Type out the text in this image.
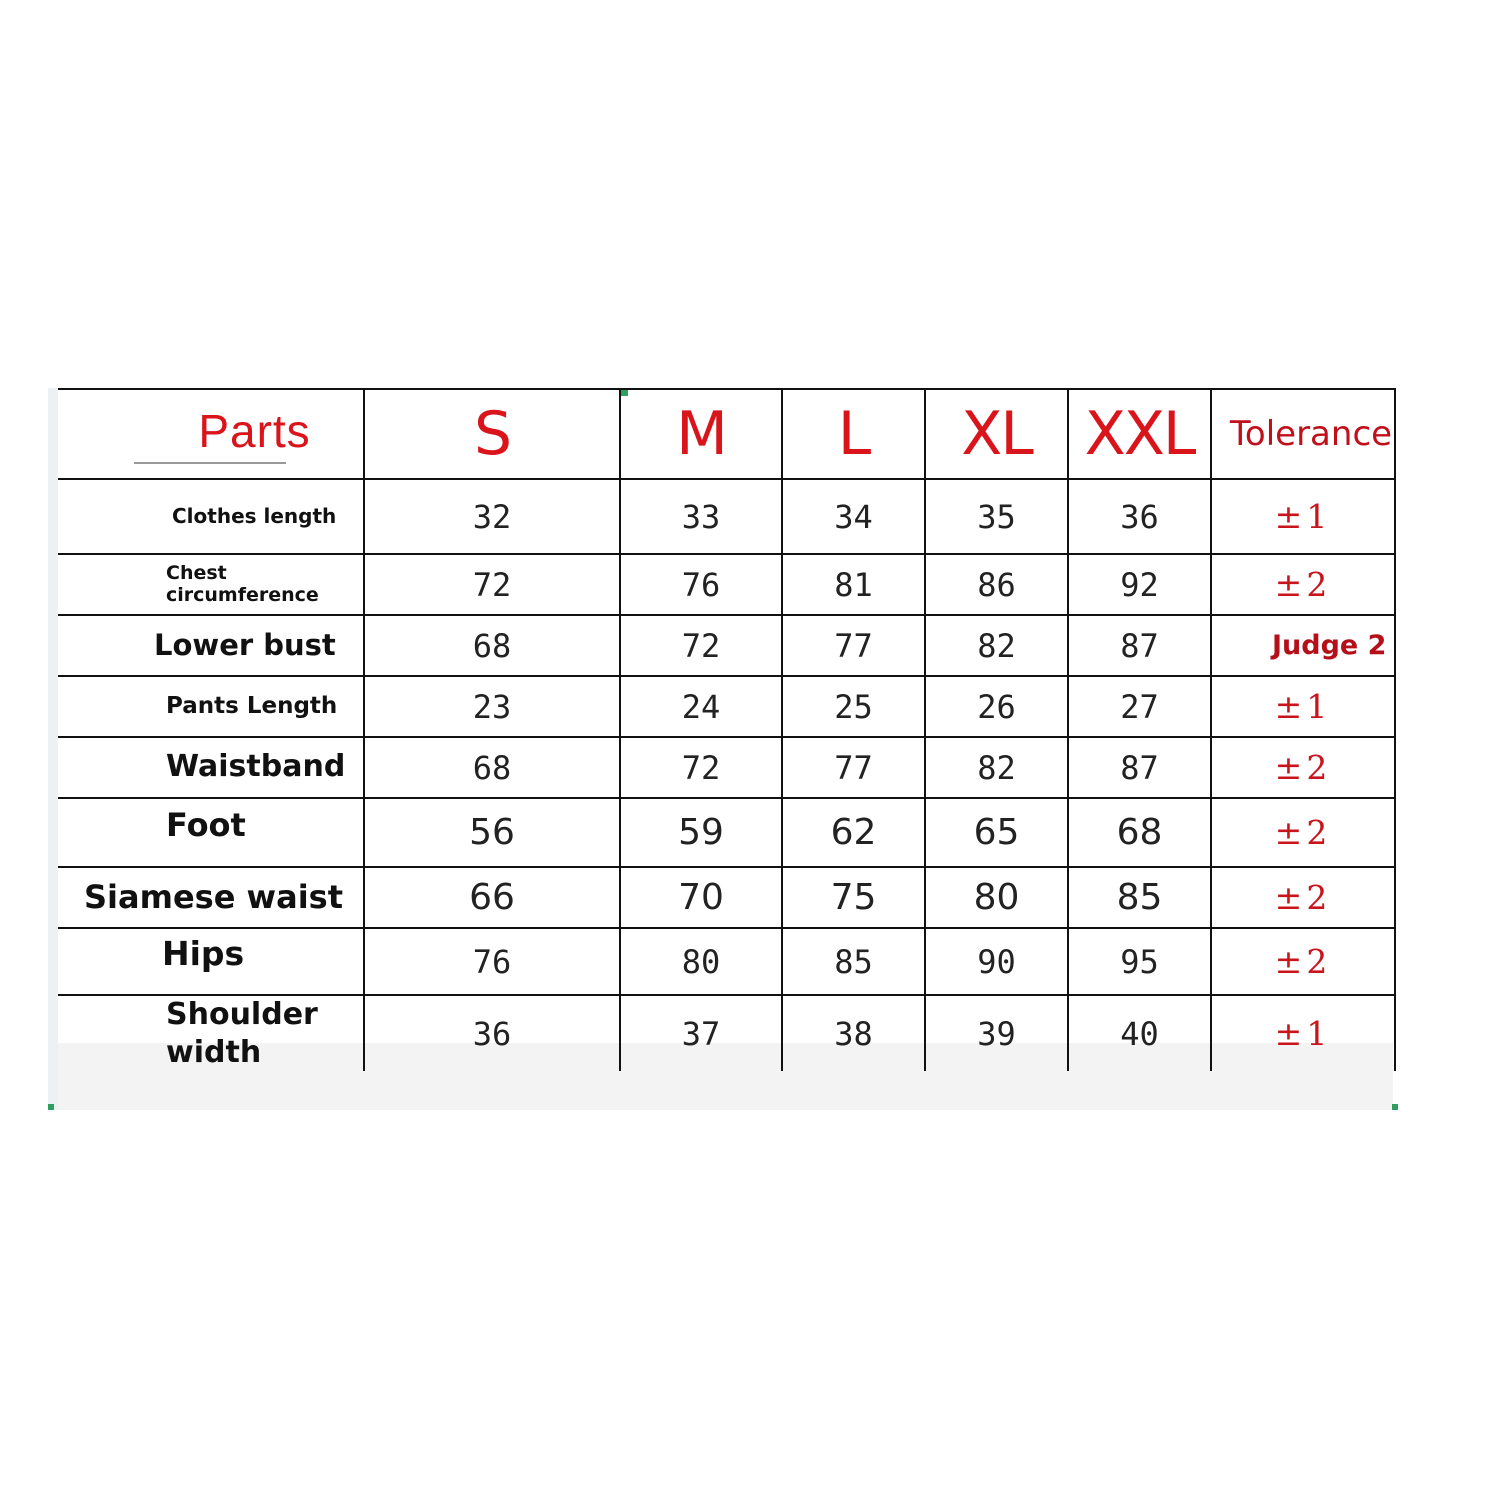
Parts	S	M	L	XL	XXL	Tolerance
Clothes length	32	33	34	35	36	±1
Chest circumference	72	76	81	86	92	±2
Lower bust	68	72	77	82	87	Judge 2
Pants Length	23	24	25	26	27	±1
Waistband	68	72	77	82	87	±2
Foot	56	59	62	65	68	±2
Siamese waist	66	70	75	80	85	±2
Hips	76	80	85	90	95	±2
Shoulder width	36	37	38	39	40	±1
